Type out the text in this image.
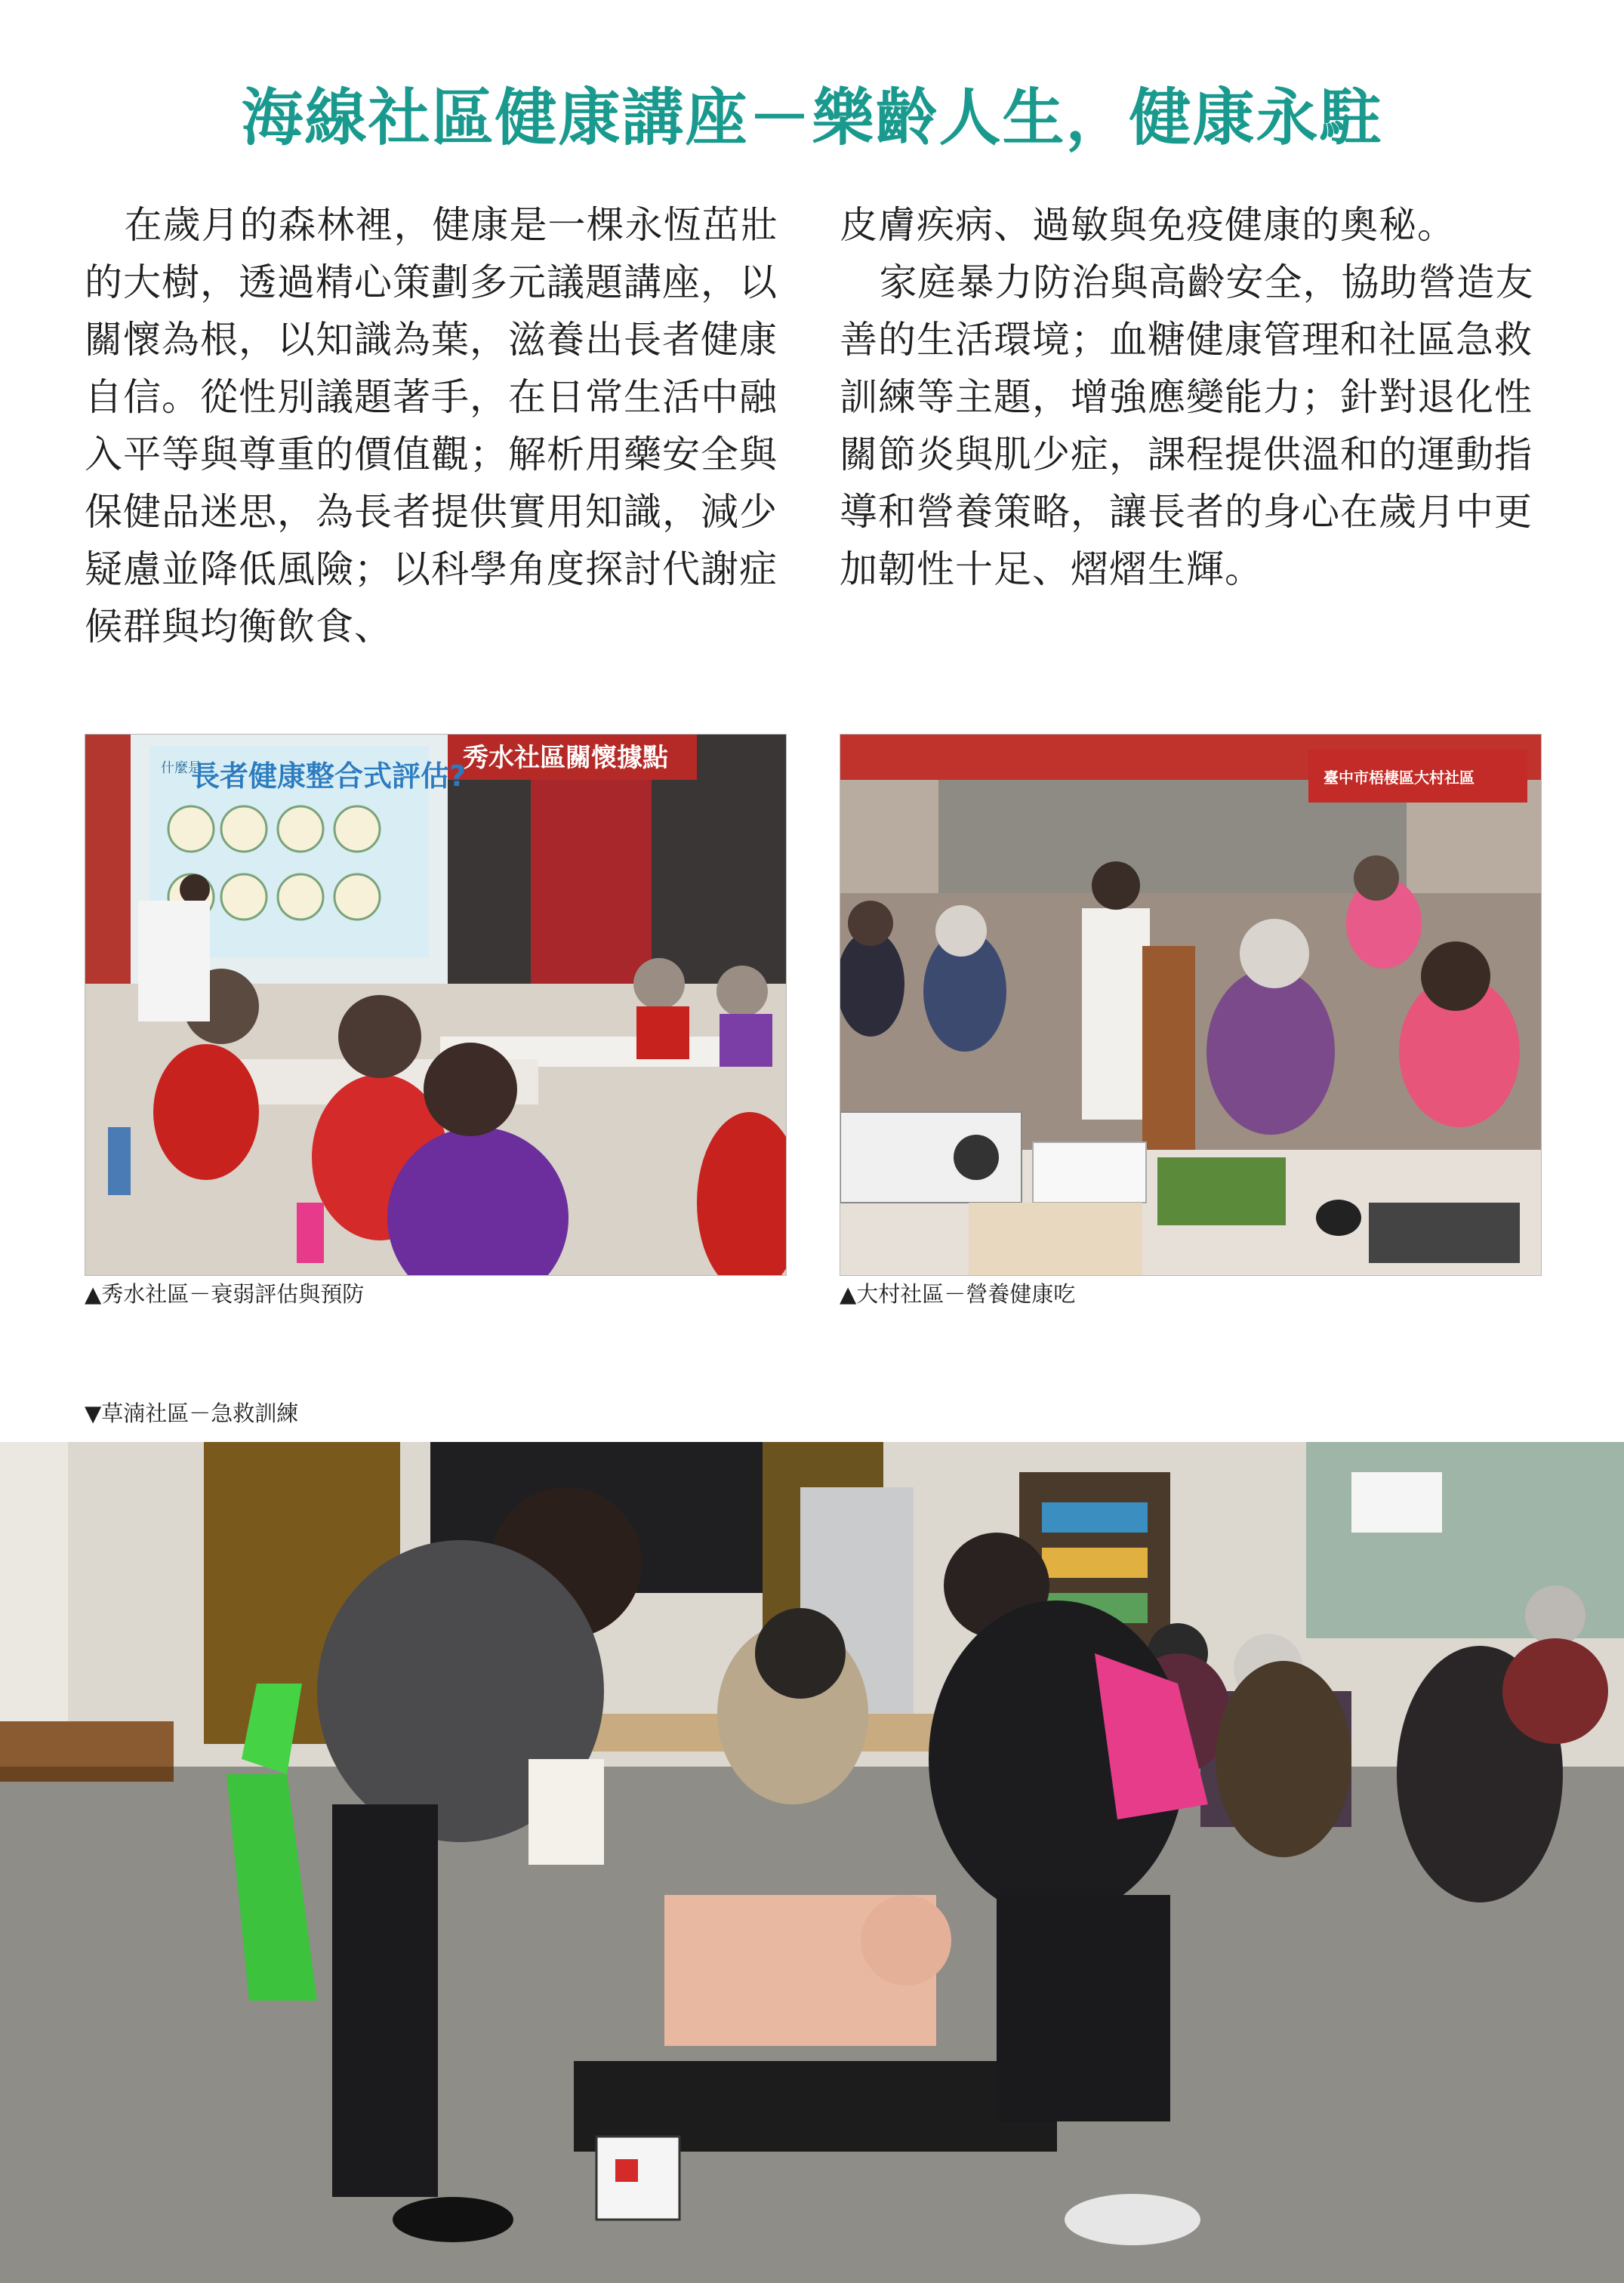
海線社區健康講座－樂齡人生，健康永駐

在歲月的森林裡，健康是一棵永恆茁壯的大樹，透過精心策劃多元議題講座，以關懷為根，以知識為葉，滋養出長者健康自信。從性別議題著手，在日常生活中融入平等與尊重的價值觀；解析用藥安全與保健品迷思，為長者提供實用知識，減少疑慮並降低風險；以科學角度探討代謝症候群與均衡飲食、

皮膚疾病、過敏與免疫健康的奧秘。

家庭暴力防治與高齡安全，協助營造友善的生活環境；血糖健康管理和社區急救訓練等主題，增強應變能力；針對退化性關節炎與肌少症，課程提供溫和的運動指導和營養策略，讓長者的身心在歲月中更加韌性十足、熠熠生輝。

秀水社區關懷據點
什麼是
長者健康整合式評估?
▲秀水社區－衰弱評估與預防
臺中市梧棲區大村社區
▲大村社區－營養健康吃
▼草湳社區－急救訓練
